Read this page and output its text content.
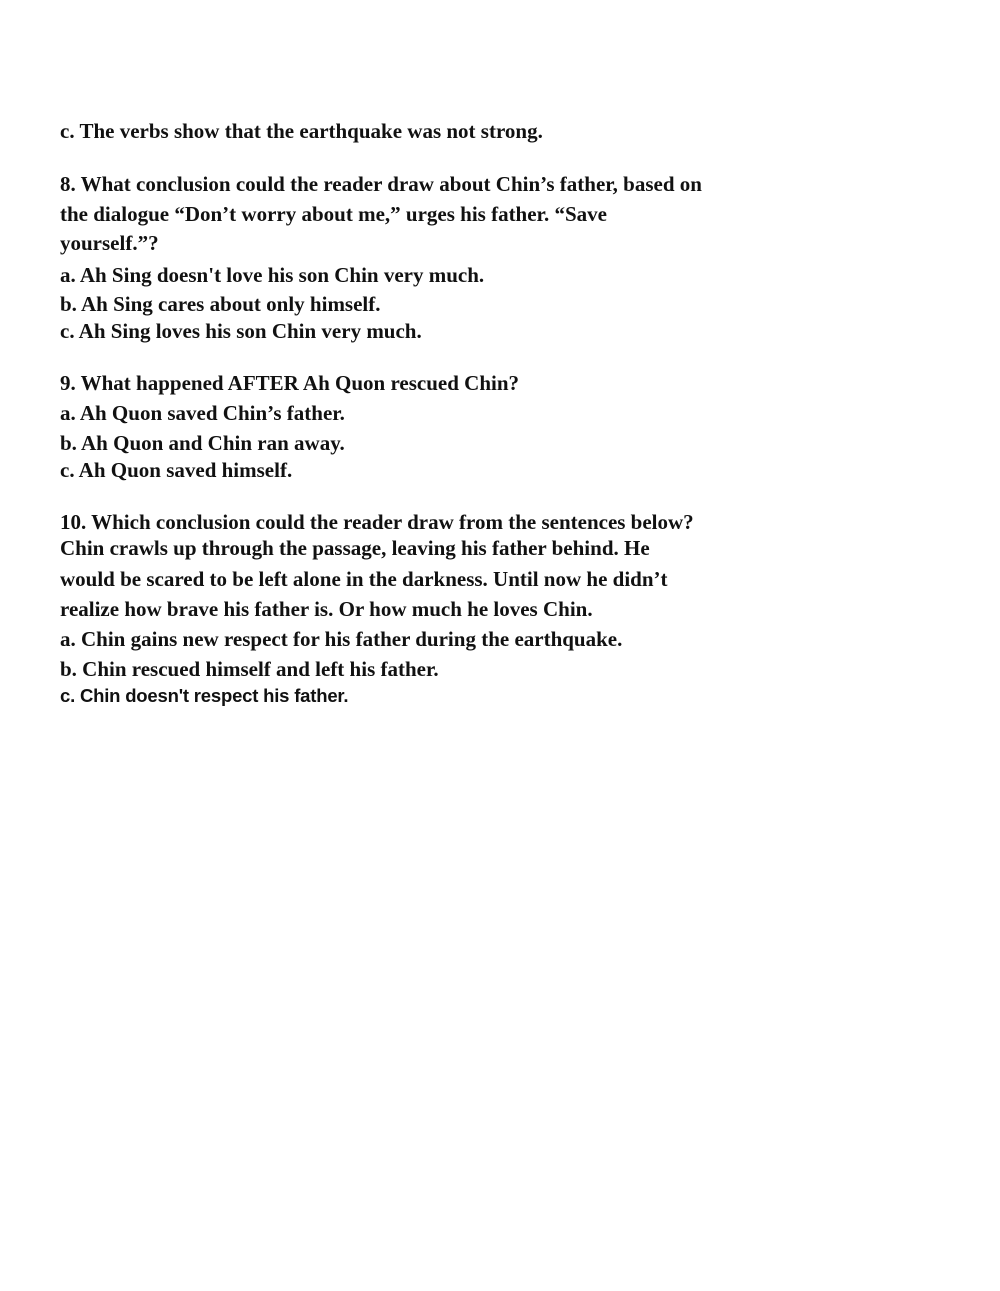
c. The verbs show that the earthquake was not strong.

8. What conclusion could the reader draw about Chin’s father, based on

the dialogue “Don’t worry about me,” urges his father. “Save

yourself.”?

a. Ah Sing doesn't love his son Chin very much.

b. Ah Sing cares about only himself.

c. Ah Sing loves his son Chin very much.

9. What happened AFTER Ah Quon rescued Chin?

a. Ah Quon saved Chin’s father.

b. Ah Quon and Chin ran away.

c. Ah Quon saved himself.

10. Which conclusion could the reader draw from the sentences below?

Chin crawls up through the passage, leaving his father behind. He

would be scared to be left alone in the darkness. Until now he didn’t

realize how brave his father is. Or how much he loves Chin.

a. Chin gains new respect for his father during the earthquake.

b. Chin rescued himself and left his father.

c. Chin doesn't respect his father.
